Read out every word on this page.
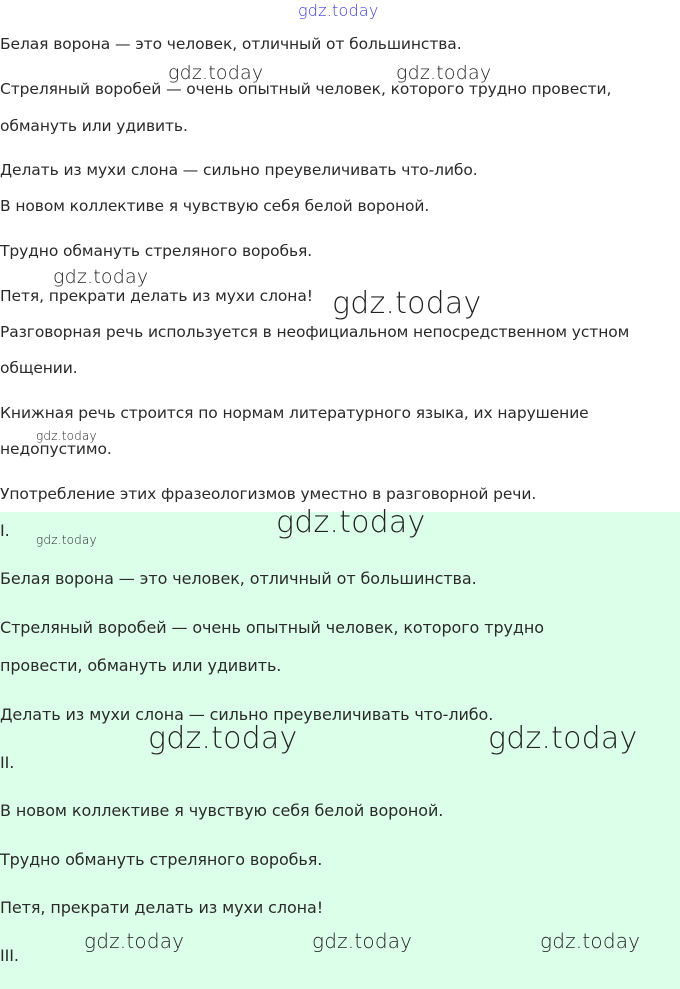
Белая ворона — это человек, отличный от большинства.
Стреляный воробей — очень опытный человек, которого трудно провести,
обмануть или удивить.
Делать из мухи слона — сильно преувеличивать что-либо.
В новом коллективе я чувствую себя белой вороной.
Трудно обмануть стреляного воробья.
Петя, прекрати делать из мухи слона!
Разговорная речь используется в неофициальном непосредственном устном
общении.
Книжная речь строится по нормам литературного языка, их нарушение
недопустимо.
Употребление этих фразеологизмов уместно в разговорной речи.
I.
Белая ворона — это человек, отличный от большинства.
Стреляный воробей — очень опытный человек, которого трудно
провести, обмануть или удивить.
Делать из мухи слона — сильно преувеличивать что-либо.
II.
В новом коллективе я чувствую себя белой вороной.
Трудно обмануть стреляного воробья.
Петя, прекрати делать из мухи слона!
III.
gdz.today
gdz.today	gdz.today
gdz.today
gdz.today
gdz.today
gdz.today
gdz.today
gdz.today	gdz.today
gdz.today	gdz.today	gdz.today
